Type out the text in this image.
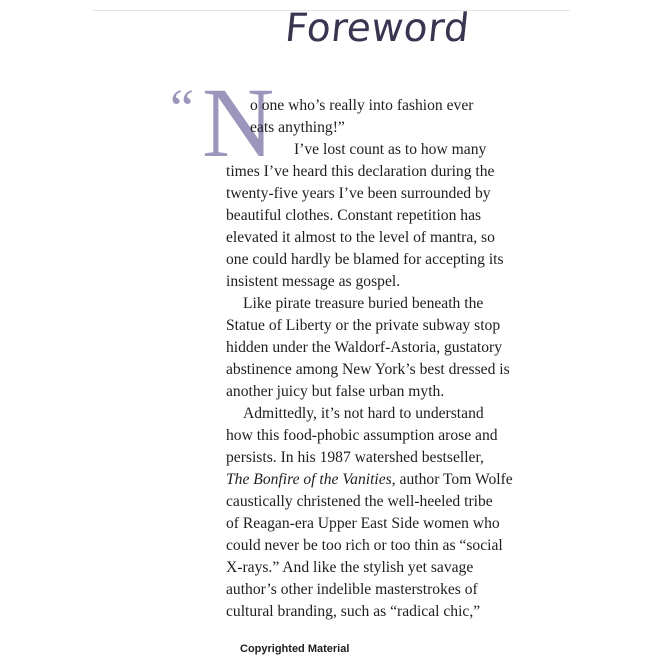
Foreword
“ N
o one who’s really into fashion ever
eats anything!”
I’ve lost count as to how many
times I’ve heard this declaration during the
twenty-five years I’ve been surrounded by
beautiful clothes. Constant repetition has
elevated it almost to the level of mantra, so
one could hardly be blamed for accepting its
insistent message as gospel.
Like pirate treasure buried beneath the
Statue of Liberty or the private subway stop
hidden under the Waldorf-Astoria, gustatory
abstinence among New York’s best dressed is
another juicy but false urban myth.
Admittedly, it’s not hard to understand
how this food-phobic assumption arose and
persists. In his 1987 watershed bestseller,
The Bonfire of the Vanities, author Tom Wolfe
caustically christened the well-heeled tribe
of Reagan-era Upper East Side women who
could never be too rich or too thin as “social
X-rays.” And like the stylish yet savage
author’s other indelible masterstrokes of
cultural branding, such as “radical chic,”
Copyrighted Material
